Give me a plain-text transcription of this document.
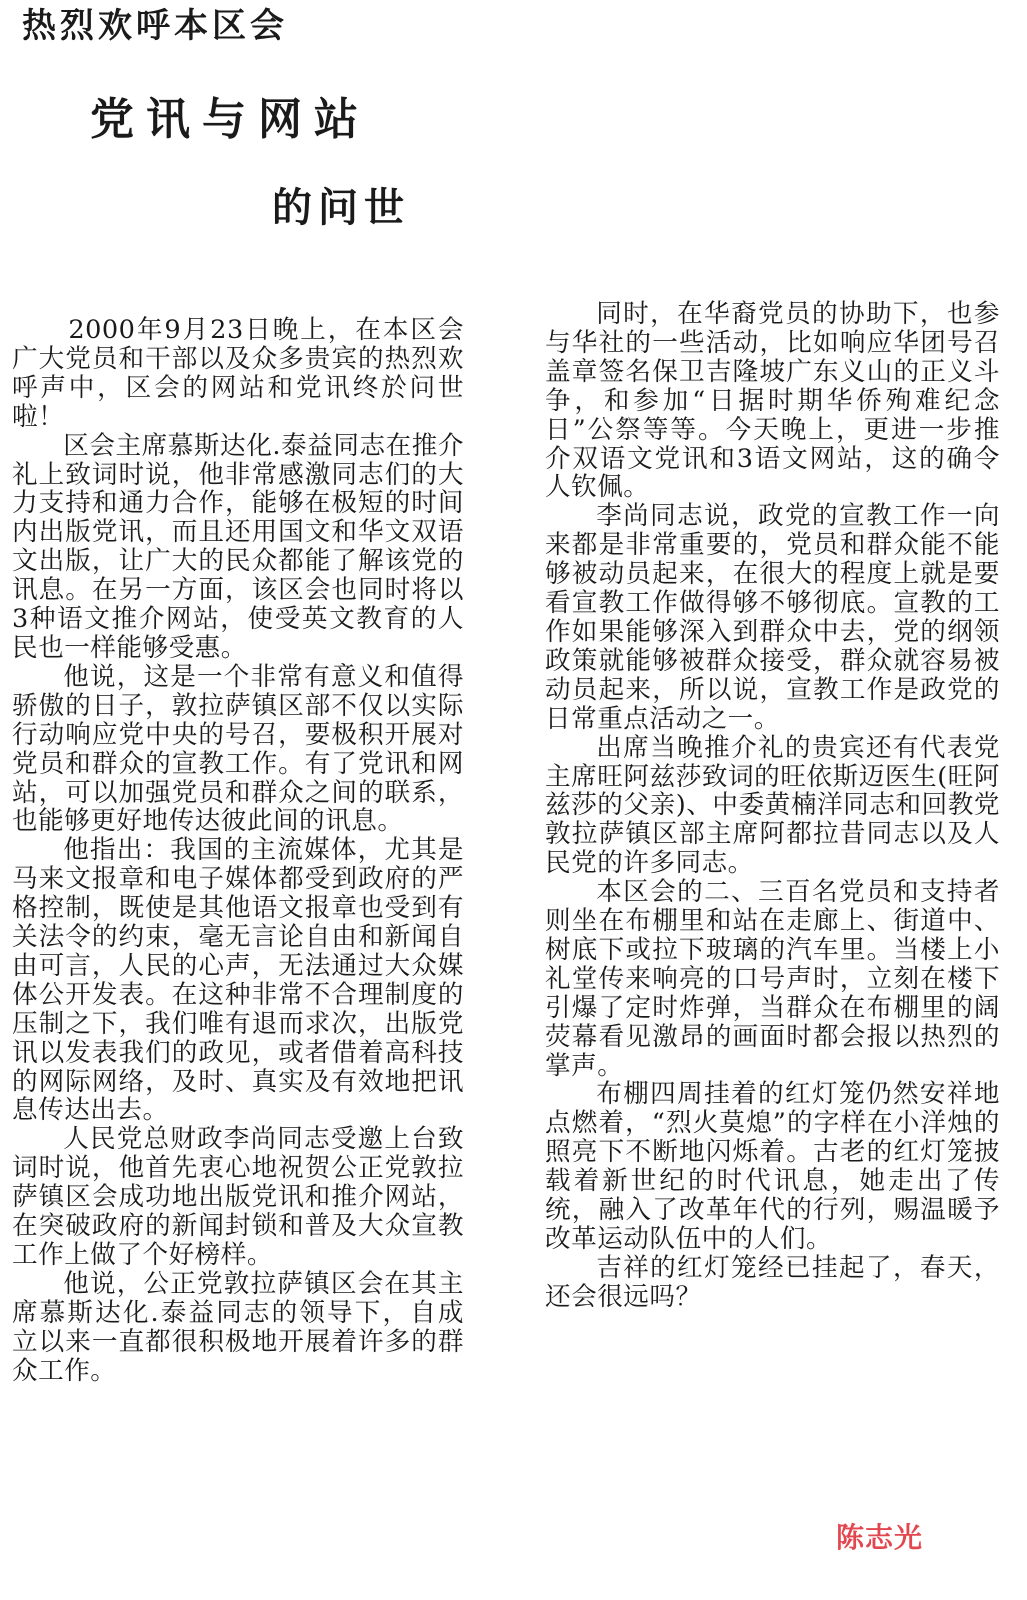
热烈欢呼本区会
党讯与网站
的问世

2000年9月23日晚上，在本区会广大党员和干部以及众多贵宾的热烈欢呼声中，区会的网站和党讯终於问世啦！

区会主席慕斯达化.泰益同志在推介礼上致词时说，他非常感激同志们的大力支持和通力合作，能够在极短的时间内出版党讯，而且还用国文和华文双语文出版，让广大的民众都能了解该党的讯息。在另一方面，该区会也同时将以3种语文推介网站，使受英文教育的人民也一样能够受惠。

他说，这是一个非常有意义和值得骄傲的日子，敦拉萨镇区部不仅以实际行动响应党中央的号召，要极积开展对党员和群众的宣教工作。有了党讯和网站，可以加强党员和群众之间的联系，也能够更好地传达彼此间的讯息。

他指出：我国的主流媒体，尤其是马来文报章和电子媒体都受到政府的严格控制，既使是其他语文报章也受到有关法令的约束，毫无言论自由和新闻自由可言，人民的心声，无法通过大众媒体公开发表。在这种非常不合理制度的压制之下，我们唯有退而求次，出版党讯以发表我们的政见，或者借着高科技的网际网络，及时、真实及有效地把讯息传达出去。

人民党总财政李尚同志受邀上台致词时说，他首先衷心地祝贺公正党敦拉萨镇区会成功地出版党讯和推介网站，在突破政府的新闻封锁和普及大众宣教工作上做了个好榜样。

他说，公正党敦拉萨镇区会在其主席慕斯达化.泰益同志的领导下，自成立以来一直都很积极地开展着许多的群众工作。

同时，在华裔党员的协助下，也参与华社的一些活动，比如响应华团号召盖章签名保卫吉隆坡广东义山的正义斗争，和参加“日据时期华侨殉难纪念日”公祭等等。今天晚上，更进一步推介双语文党讯和3语文网站，这的确令人钦佩。

李尚同志说，政党的宣教工作一向来都是非常重要的，党员和群众能不能够被动员起来，在很大的程度上就是要看宣教工作做得够不够彻底。宣教的工作如果能够深入到群众中去，党的纲领政策就能够被群众接受，群众就容易被动员起来，所以说，宣教工作是政党的日常重点活动之一。

出席当晚推介礼的贵宾还有代表党主席旺阿兹莎致词的旺依斯迈医生(旺阿兹莎的父亲)、中委黄楠洋同志和回教党敦拉萨镇区部主席阿都拉昔同志以及人民党的许多同志。

本区会的二、三百名党员和支持者则坐在布棚里和站在走廊上、街道中、树底下或拉下玻璃的汽车里。当楼上小礼堂传来响亮的口号声时，立刻在楼下引爆了定时炸弹，当群众在布棚里的阔荧幕看见激昂的画面时都会报以热烈的掌声。

布棚四周挂着的红灯笼仍然安祥地点燃着，“烈火莫熄”的字样在小洋烛的照亮下不断地闪烁着。古老的红灯笼披载着新世纪的时代讯息，她走出了传统，融入了改革年代的行列，赐温暖予改革运动队伍中的人们。

吉祥的红灯笼经已挂起了，春天，还会很远吗？

陈志光
